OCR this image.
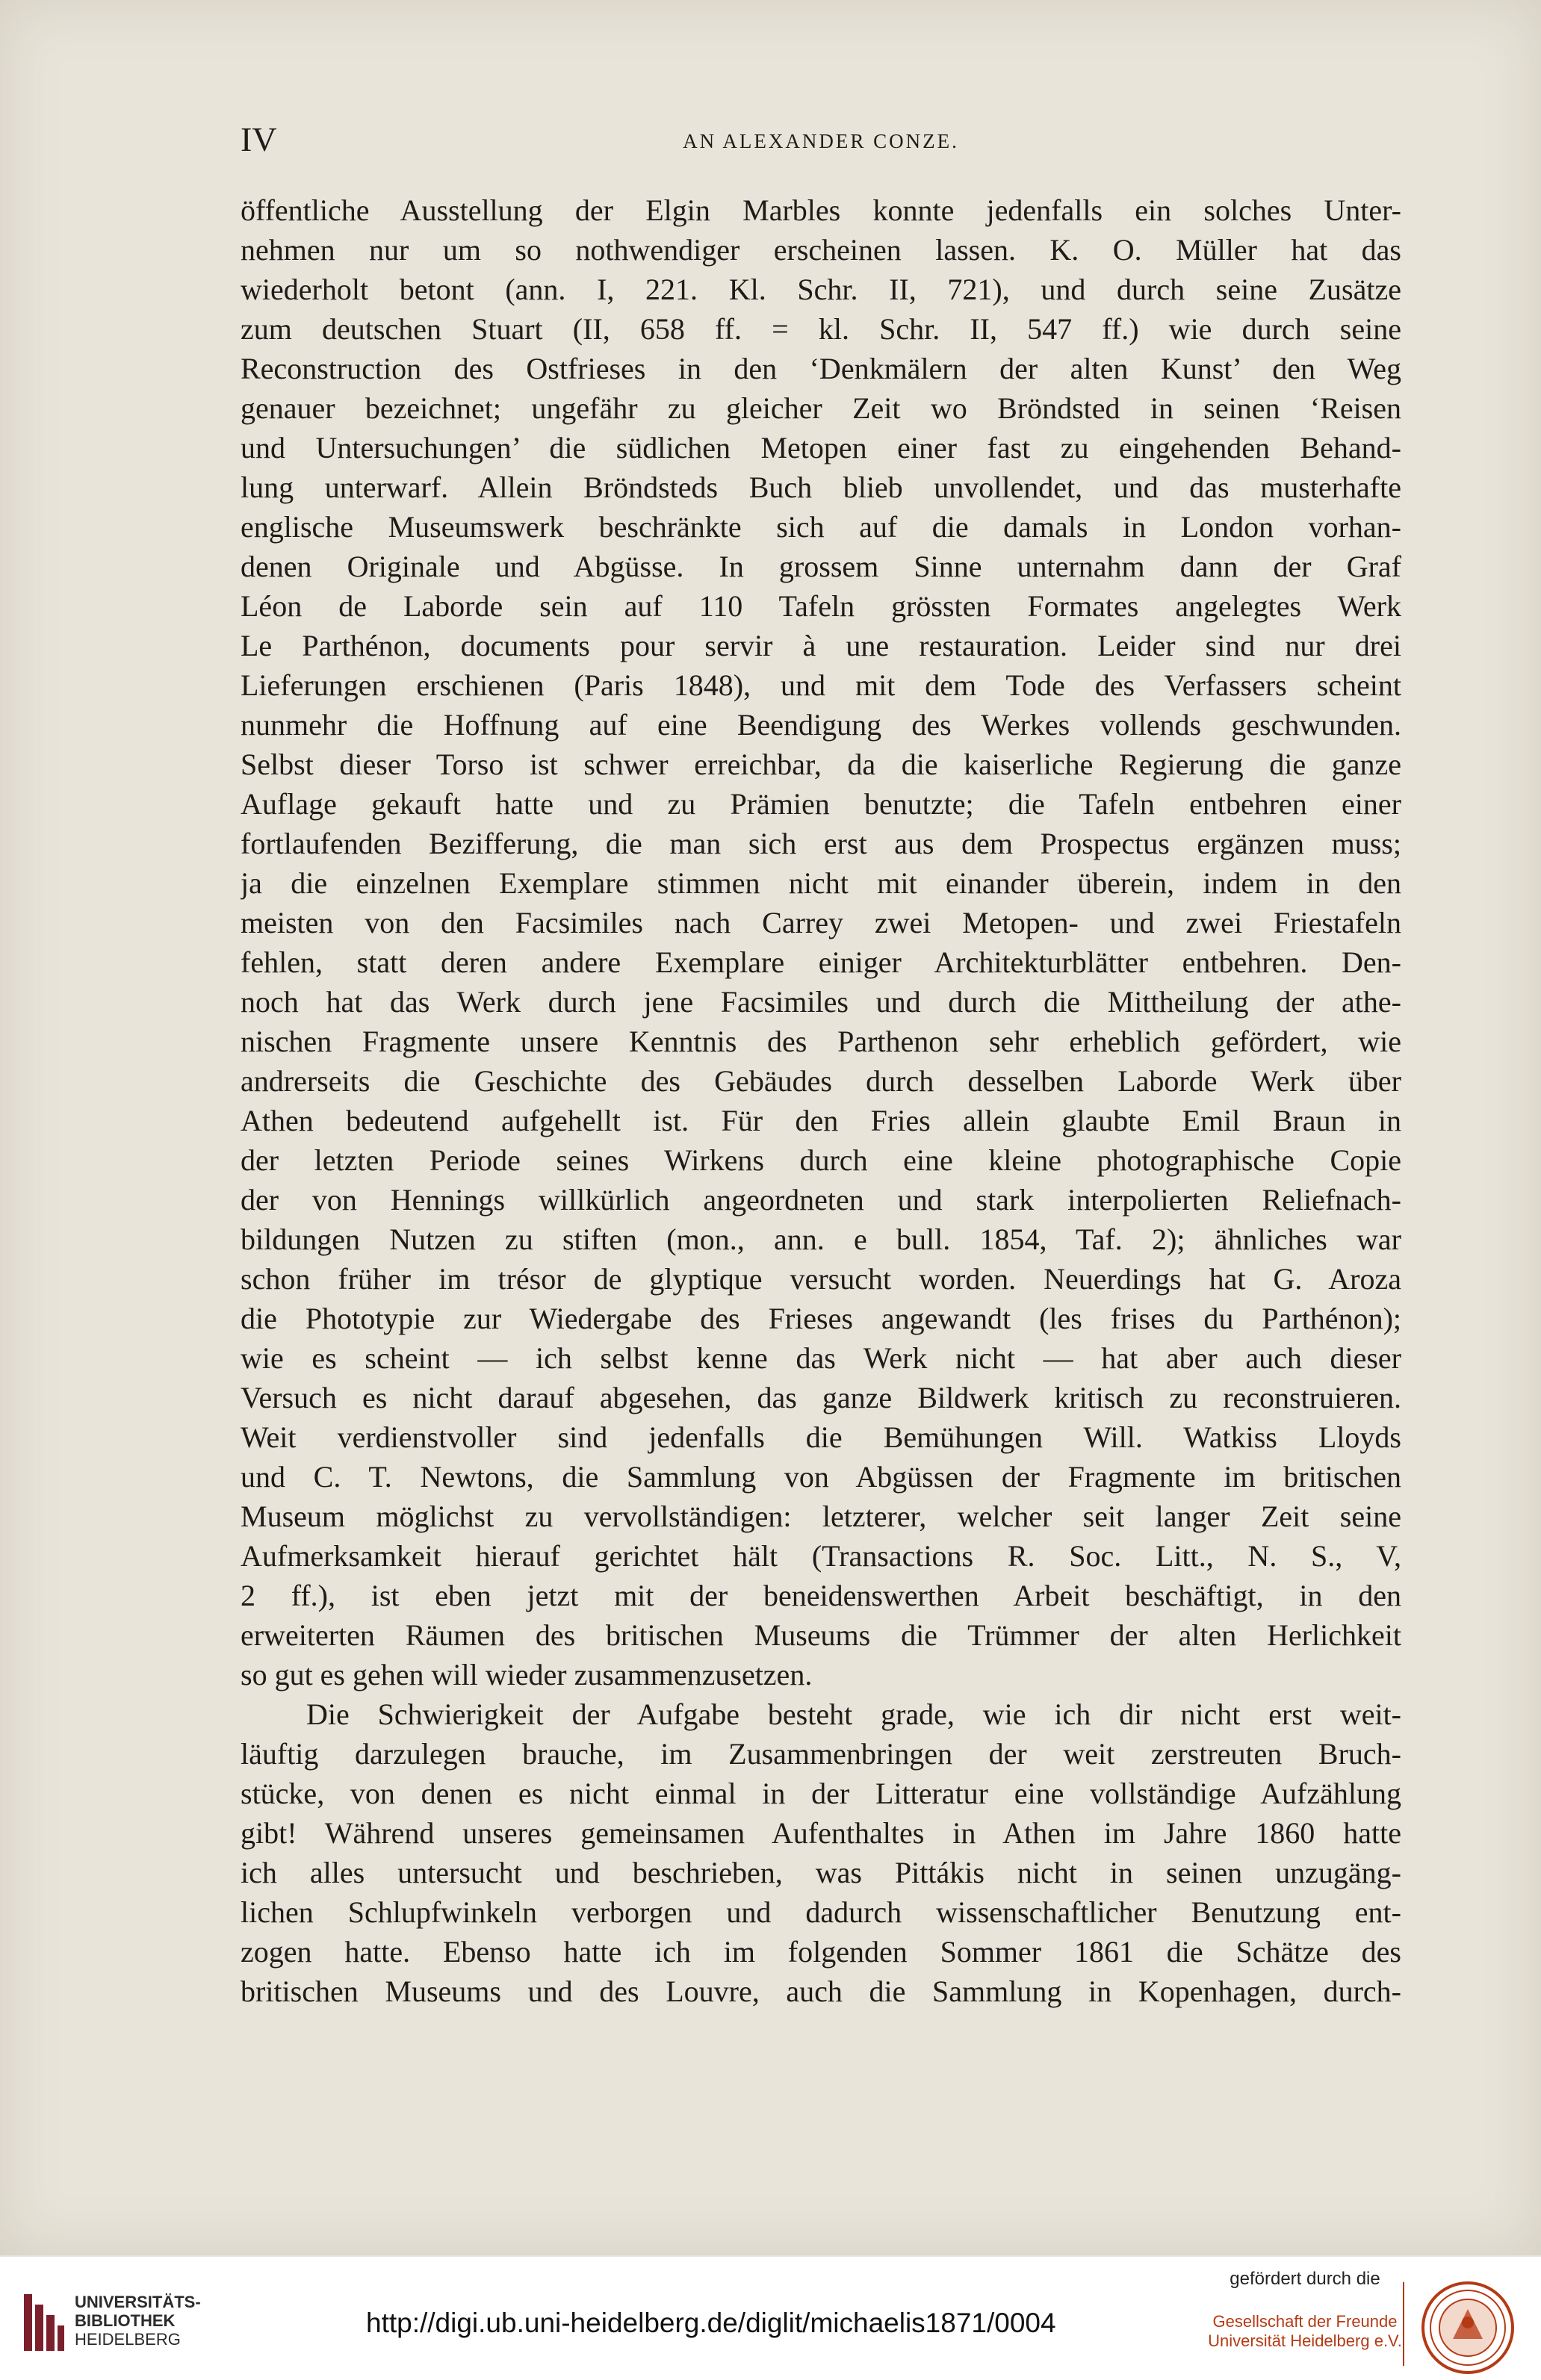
IV	AN ALEXANDER CONZE.
öffentliche Ausstellung der Elgin Marbles konnte jedenfalls ein solches Unter-
nehmen nur um so nothwendiger erscheinen lassen. K. O. Müller hat das
wiederholt betont (ann. I, 221. Kl. Schr. II, 721), und durch seine Zusätze
zum deutschen Stuart (II, 658 ff. = kl. Schr. II, 547 ff.) wie durch seine
Reconstruction des Ostfrieses in den ‘Denkmälern der alten Kunst’ den Weg
genauer bezeichnet; ungefähr zu gleicher Zeit wo Bröndsted in seinen ‘Reisen
und Untersuchungen’ die südlichen Metopen einer fast zu eingehenden Behand-
lung unterwarf. Allein Bröndsteds Buch blieb unvollendet, und das musterhafte
englische Museumswerk beschränkte sich auf die damals in London vorhan-
denen Originale und Abgüsse. In grossem Sinne unternahm dann der Graf
Léon de Laborde sein auf 110 Tafeln grössten Formates angelegtes Werk
Le Parthénon, documents pour servir à une restauration. Leider sind nur drei
Lieferungen erschienen (Paris 1848), und mit dem Tode des Verfassers scheint
nunmehr die Hoffnung auf eine Beendigung des Werkes vollends geschwunden.
Selbst dieser Torso ist schwer erreichbar, da die kaiserliche Regierung die ganze
Auflage gekauft hatte und zu Prämien benutzte; die Tafeln entbehren einer
fortlaufenden Bezifferung, die man sich erst aus dem Prospectus ergänzen muss;
ja die einzelnen Exemplare stimmen nicht mit einander überein, indem in den
meisten von den Facsimiles nach Carrey zwei Metopen- und zwei Friestafeln
fehlen, statt deren andere Exemplare einiger Architekturblätter entbehren. Den-
noch hat das Werk durch jene Facsimiles und durch die Mittheilung der athe-
nischen Fragmente unsere Kenntnis des Parthenon sehr erheblich gefördert, wie
andrerseits die Geschichte des Gebäudes durch desselben Laborde Werk über
Athen bedeutend aufgehellt ist. Für den Fries allein glaubte Emil Braun in
der letzten Periode seines Wirkens durch eine kleine photographische Copie
der von Hennings willkürlich angeordneten und stark interpolierten Reliefnach-
bildungen Nutzen zu stiften (mon., ann. e bull. 1854, Taf. 2); ähnliches war
schon früher im trésor de glyptique versucht worden. Neuerdings hat G. Aroza
die Phototypie zur Wiedergabe des Frieses angewandt (les frises du Parthénon);
wie es scheint — ich selbst kenne das Werk nicht — hat aber auch dieser
Versuch es nicht darauf abgesehen, das ganze Bildwerk kritisch zu reconstruieren.
Weit verdienstvoller sind jedenfalls die Bemühungen Will. Watkiss Lloyds
und C. T. Newtons, die Sammlung von Abgüssen der Fragmente im britischen
Museum möglichst zu vervollständigen: letzterer, welcher seit langer Zeit seine
Aufmerksamkeit hierauf gerichtet hält (Transactions R. Soc. Litt., N. S., V,
2 ff.), ist eben jetzt mit der beneidenswerthen Arbeit beschäftigt, in den
erweiterten Räumen des britischen Museums die Trümmer der alten Herlichkeit
so gut es gehen will wieder zusammenzusetzen.
Die Schwierigkeit der Aufgabe besteht grade, wie ich dir nicht erst weit-
läuftig darzulegen brauche, im Zusammenbringen der weit zerstreuten Bruch-
stücke, von denen es nicht einmal in der Litteratur eine vollständige Aufzählung
gibt! Während unseres gemeinsamen Aufenthaltes in Athen im Jahre 1860 hatte
ich alles untersucht und beschrieben, was Pittákis nicht in seinen unzugäng-
lichen Schlupfwinkeln verborgen und dadurch wissenschaftlicher Benutzung ent-
zogen hatte. Ebenso hatte ich im folgenden Sommer 1861 die Schätze des
britischen Museums und des Louvre, auch die Sammlung in Kopenhagen, durch-
UNIVERSITÄTS-
BIBLIOTHEK
HEIDELBERG
http://digi.ub.uni-heidelberg.de/diglit/michaelis1871/0004
gefördert durch die
Gesellschaft der Freunde
Universität Heidelberg e.V.
